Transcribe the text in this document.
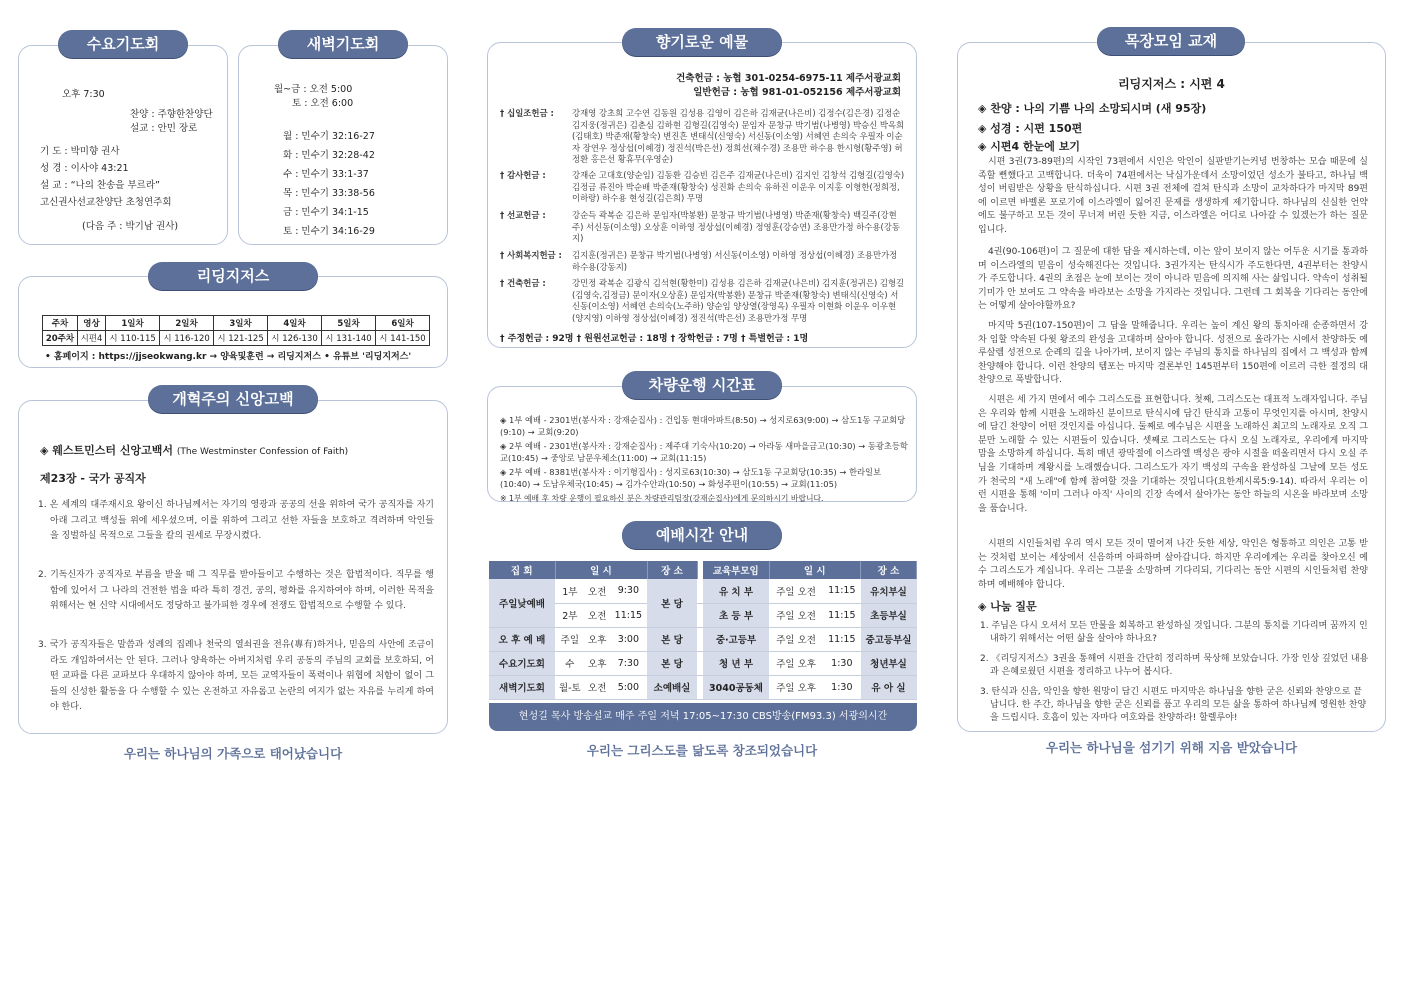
수요기도회
오후 7:30
찬양 : 주향한찬양단
설교 : 안민 장로
기 도 : 박미향 권사
성 경 : 이사야 43:21
설 교 : “나의 찬송을 부르라”
고신권사선교찬양단 초청연주회
(다음 주 : 박기남 권사)
새벽기도회
월~금 : 오전 5:00
토 : 오전 6:00
월 : 민수기 32:16-27
화 : 민수기 32:28-42
수 : 민수기 33:1-37
목 : 민수기 33:38-56
금 : 민수기 34:1-15
토 : 민수기 34:16-29
리딩지저스
주차	영상	1일차	2일차	3일차	4일차	5일차	6일차
20주차	시편4	시 110-115	시 116-120	시 121-125	시 126-130	시 131-140	시 141-150
• 홈페이지 : https://jjseokwang.kr → 양육및훈련 → 리딩지저스 • 유튜브 '리딩지저스'
개혁주의 신앙고백
◈ 웨스트민스터 신앙고백서 (The Westminster Confession of Faith)
제23장 - 국가 공직자
1. 온 세계의 대주재시요 왕이신 하나님께서는 자기의 영광과 공공의 선을 위하여 국가 공직자를 자기 아래 그리고 백성들 위에 세우셨으며, 이를 위하여 그리고 선한 자들을 보호하고 격려하며 악인들을 징벌하실 목적으로 그들을 칼의 권세로 무장시켰다.
2. 기독신자가 공직자로 부름을 받을 때 그 직무를 받아들이고 수행하는 것은 합법적이다. 직무를 행함에 있어서 그 나라의 건전한 법을 따라 특히 경건, 공의, 평화를 유지하여야 하며, 이러한 목적을 위해서는 현 신약 시대에서도 정당하고 불가피한 경우에 전쟁도 합법적으로 수행할 수 있다.
3. 국가 공직자들은 말씀과 성례의 집례나 천국의 열쇠권을 전유(專有)하거나, 믿음의 사안에 조금이라도 개입하여서는 안 된다. 그러나 양육하는 아버지처럼 우리 공동의 주님의 교회를 보호하되, 어떤 교파를 다른 교파보다 우대하지 않아야 하며, 모든 교역자들이 폭력이나 위협에 처함이 없이 그들의 신성한 활동을 다 수행할 수 있는 온전하고 자유롭고 논란의 여지가 없는 자유를 누리게 하여야 한다.
우리는 하나님의 가족으로 태어났습니다
향기로운 예물
건축헌금 : 농협 301-0254-6975-11 제주서광교회
일반헌금 : 농협 981-01-052156 제주서광교회
† 십일조헌금 : 강재영 강초희 고수연 김동원 김성용 김영이 김은하 김재균(나은비) 김정수(김은경) 김정순 김지웅(정귀은) 김춘심 김하현 김형길(김영숙) 문임자 문창규 박기범(나병영) 박승신 박옥희(김태호) 박준재(황창숙) 변진흔 변태식(신영숙) 서신동(이소영) 서혜연 손의숙 우필자 이순자 장연우 정상섭(이혜경) 정진석(박은선) 정희선(채수경) 조용만 하수용 한시형(황주영) 허정환 홍은선 황휴무(우영순)
† 감사헌금 :	강재순 고대호(양순임) 김동환 김승빈 김은주 김재균(나은비) 김지인 김창석 김형길(김영숙)김정금 류진아 박순배 박준재(황창숙) 성진화 손의숙 유하진 이운우 이지홍 이형한(정희정,이하랑) 하수용 현성길(김은희) 무명
† 선교헌금 :	강순득 곽복순 김은하 문임자(박봉환) 문창규 박기범(나병영) 박준재(황창숙) 백길주(강현주) 서신동(이소영) 오상훈 이하영 정상섭(이혜경) 정영훈(강승연) 조용만가정 하수용(강동지)
† 사회복지헌금 : 김지훈(정귀은) 문창규 박기범(나병영) 서신동(이소영) 이하영 정상섭(이혜경) 조용만가정 하수용(강동지)
† 건축헌금 :	강민정 곽복순 김광식 김석현(황한미) 김성용 김은하 김재균(나은비) 김지훈(정귀은) 김형길(김영숙,김정금) 문이자(오상훈) 문임자(박봉환) 문창규 박준재(황창숙) 변태식(신영숙) 서신동(이소영) 서혜연 손의숙(노주하) 양순임 양상열(장영옥) 우필자 이현화 이운우 이우현(양지영) 이하영 정상섭(이혜경) 정진석(박은선) 조용만가정 무명
† 주정헌금 : 92명 † 원원선교헌금 : 18명 † 장학헌금 : 7명 † 특별헌금 : 1명
차량운행 시간표
◈ 1부 예배 - 2301번(봉사자 : 강재순집사) : 건입동 현대아파트(8:50) → 성지로63(9:00) → 삼도1동 구교회당(9:10) → 교회(9:20)
◈ 2부 예배 - 2301번(봉사자 : 강재순집사) : 제주대 기숙사(10:20) → 아라동 새마을금고(10:30) → 동광초등학교(10:45) → 중앙로 남문우체소(11:00) → 교회(11:15)
◈ 2부 예배 - 8381번(봉사자 : 이기형집사) : 성지로63(10:30) → 삼도1동 구교회당(10:35) → 한라일보(10:40) → 도남우체국(10:45) → 김가수안과(10:50) → 화성주편이(10:55) → 교회(11:05)
※ 1부 예배 후 차량 운행이 필요하신 분은 차량관리팀장(강재순집사)에게 문의하시기 바랍니다.
예배시간 안내
집 회	일 시			장 소		교육부모임	일 시		장 소
주일낮예배	1부	오전	9:30	본 당		유 치 부	주일 오전	11:15	유치부실
	2부	오전	11:15			초 등 부	주일 오전	11:15	초등부실
오 후 예 배	주일	오후	3:00	본 당		중·고등부	주일 오전	11:15	중고등부실
수요기도회	수	오후	7:30	본 당		청 년 부	주일 오후	1:30	청년부실
새벽기도회	월-토	오전	5:00	소예배실		3040공동체	주일 오후	1:30	유 아 실
현성길 목사 방송설교 매주 주일 저녁 17:05~17:30 CBS방송(FM93.3) 서광의시간
우리는 그리스도를 닮도록 창조되었습니다
목장모임 교재
리딩지저스 : 시편 4
◈ 찬양 : 나의 기쁨 나의 소망되시며 (새 95장)
◈ 성경 : 시편 150편
◈ 시편4 한눈에 보기
시편 3권(73-89편)의 시작인 73편에서 시인은 악인이 실판받기는커녕 번창하는 모습 때문에 실족할 뻔했다고 고백합니다. 더욱이 74편에서는 낙심가운데서 소망이었던 성소가 불타고, 하나님 백성이 버림받은 상황을 탄식하십니다. 시편 3권 전체에 걸쳐 탄식과 소망이 교차하다가 마지막 89편에 이르면 바벨론 포로기에 이스라엘이 잃어진 문제를 생생하게 제기합니다. 하나님의 신실한 언약에도 불구하고 모든 것이 무너져 버린 듯한 지금, 이스라엘은 어디로 나아갈 수 있겠는가 하는 질문입니다.
4권(90-106편)이 그 질문에 대한 답을 제시하는데, 이는 앞이 보이지 않는 어두운 시기를 통과하며 이스라엘의 믿음이 성숙해진다는 것입니다. 3권가지는 탄식시가 주도한다면, 4권부터는 찬양시가 주도합니다. 4권의 초점은 눈에 보이는 것이 아니라 믿음에 의지해 사는 삶입니다. 약속이 성취될 기미가 안 보여도 그 약속을 바라보는 소망을 가지라는 것입니다. 그런데 그 회복을 기다리는 동안에는 어떻게 살아야할까요?
마지막 5권(107-150편)이 그 답을 말해줍니다. 우리는 높이 계신 왕의 통치아래 순종하면서 강차 임할 약속된 다윗 왕조의 완성을 고대하며 살아야 합니다. 성전으로 올라가는 시에서 찬양하듯 예루살렘 성전으로 순례의 길을 나아가며, 보이지 않는 주님의 통치를 하나님의 집에서 그 백성과 함께 찬양해야 합니다. 이런 찬양의 템포는 마지막 결론부인 145편부터 150편에 이르러 극한 절정의 대찬양으로 폭발합니다.
시편은 세 가지 면에서 예수 그리스도를 표현합니다. 첫째, 그리스도는 대표적 노래자입니다. 주님은 우리와 함께 시편을 노래하신 분이므로 탄식시에 담긴 탄식과 고통이 무엇인지를 아시며, 찬양시에 담긴 찬양이 어떤 것인지를 아십니다. 둘째로 예수님은 시편을 노래하신 최고의 노래자로 오직 그분만 노래할 수 있는 시편들이 있습니다. 셋째로 그리스도는 다시 오실 노래자로, 우리에게 마지막 맘을 소망하게 하십니다. 특히 매년 광막절에 이스라엘 백성은 광야 시절을 떠올리면서 다시 오실 주님을 기대하며 계왕시를 노래했습니다. 그리스도가 자기 백성의 구속을 완성하실 그날에 모든 성도가 천국의 "새 노래"에 함께 참여할 것을 기대하는 것입니다(요한계시록5:9-14). 따라서 우리는 이런 시편을 통해 '이미 그러나 아직' 사이의 긴장 속에서 살아가는 동안 하늘의 시온을 바라보며 소망을 품습니다.
시편의 시인들처럼 우리 역시 모든 것이 멸어져 나간 듯한 세상, 악인은 형통하고 의인은 고통 받는 것처럼 보이는 세상에서 신음하며 아파하며 살아갑니다. 하지만 우리에게는 우리를 찾아오신 예수 그리스도가 계십니다. 우리는 그분을 소망하며 기다리되, 기다리는 동안 시편의 시인들처럼 찬양하며 예배해야 합니다.
◈ 나눔 질문
1. 주님은 다시 오셔서 모든 만물을 회복하고 완성하실 것입니다. 그분의 통치를 기다리며 꿈까지 인내하기 위해서는 어떤 삶을 살아야 하나요?
2. 《리딩지저스》3권을 통해여 시편을 간단히 정리하며 묵상해 보았습니다. 가장 인상 깊었던 내용과 은혜로웠던 시편을 정리하고 나누어 봅시다.
3. 탄식과 신음, 악인을 향한 원망이 담긴 시편도 마지막은 하나님을 향한 굳은 신뢰와 찬양으로 끝납니다. 한 주간, 하나님을 향한 굳은 신뢰를 품고 우리의 모든 삶을 통하여 하나님께 영원한 찬양을 드립시다. 호흡이 있는 자마다 여호와를 찬양하라! 할렐루야!
우리는 하나님을 섬기기 위해 지음 받았습니다
